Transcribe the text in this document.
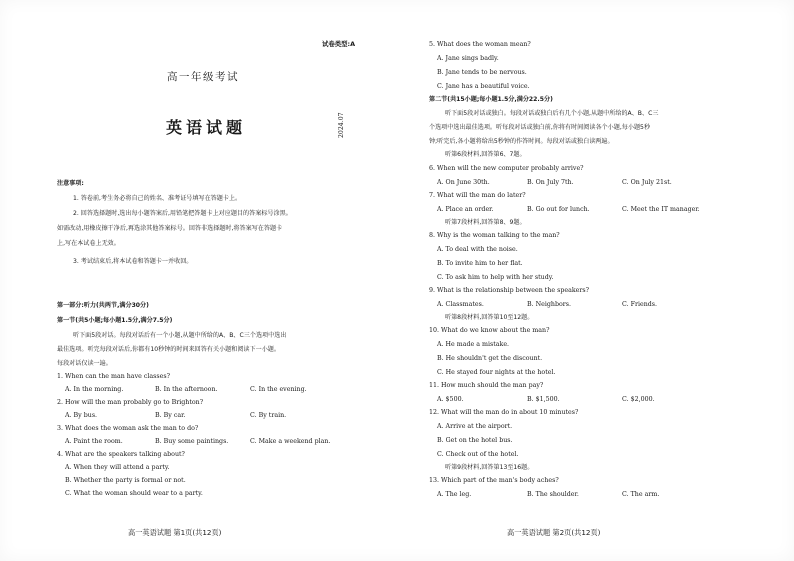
高一年级考试
英语试题	2024.07
注意事项:
1. 答卷前,考生务必将自己的姓名、准考证号填写在答题卡上。
2. 回答选择题时,选出每小题答案后,用铅笔把答题卡上对应题目的答案标号涂黑。
如需改动,用橡皮擦干净后,再选涂其他答案标号。回答非选择题时,将答案写在答题卡
上,写在本试卷上无效。
3. 考试结束后,将本试卷和答题卡一并收回。
第一部分:听力(共两节,满分30分)
第一节(共5小题;每小题1.5分,满分7.5分)
听下面5段对话。每段对话后有一个小题,从题中所给的A、B、C三个选项中选出
最佳选项。听完每段对话后,你都有10秒钟的时间来回答有关小题和阅读下一小题。
每段对话仅读一遍。
1. When can the man have classes?
A. In the morning.	B. In the afternoon.	C. In the evening.
2. How will the man probably go to Brighton?
A. By bus.	B. By car.	C. By train.
3. What does the woman ask the man to do?
A. Paint the room.	B. Buy some paintings.	C. Make a weekend plan.
4. What are the speakers talking about?
A. When they will attend a party.
B. Whether the party is formal or not.
C. What the woman should wear to a party.
高一英语试题 第1页(共12页)
试卷类型:A	5. What does the woman mean?
A. Jane sings badly.
B. Jane tends to be nervous.
C. Jane has a beautiful voice.
第二节(共15小题;每小题1.5分,满分22.5分)
听下面5段对话或独白。每段对话或独白后有几个小题,从题中所给的A、B、C三
个选项中选出最佳选项。听每段对话或独白前,你将有时间阅读各个小题,每小题5秒
钟;听完后,各小题将给出5秒钟的作答时间。每段对话或独白读两遍。
听第6段材料,回答第6、7题。
6. When will the new computer probably arrive?
A. On June 30th.	B. On July 7th.	C. On July 21st.
7. What will the man do later?
A. Place an order.	B. Go out for lunch.	C. Meet the IT manager.
听第7段材料,回答第8、9题。
8. Why is the woman talking to the man?
A. To deal with the noise.
B. To invite him to her flat.
C. To ask him to help with her study.
9. What is the relationship between the speakers?
A. Classmates.	B. Neighbors.	C. Friends.
听第8段材料,回答第10至12题。
10. What do we know about the man?
A. He made a mistake.
B. He shouldn't get the discount.
C. He stayed four nights at the hotel.
11. How much should the man pay?
A. $500.	B. $1,500.	C. $2,000.
12. What will the man do in about 10 minutes?
A. Arrive at the airport.
B. Get on the hotel bus.
C. Check out of the hotel.
听第9段材料,回答第13至16题。
13. Which part of the man's body aches?
A. The leg.	B. The shoulder.	C. The arm.
高一英语试题 第2页(共12页)
